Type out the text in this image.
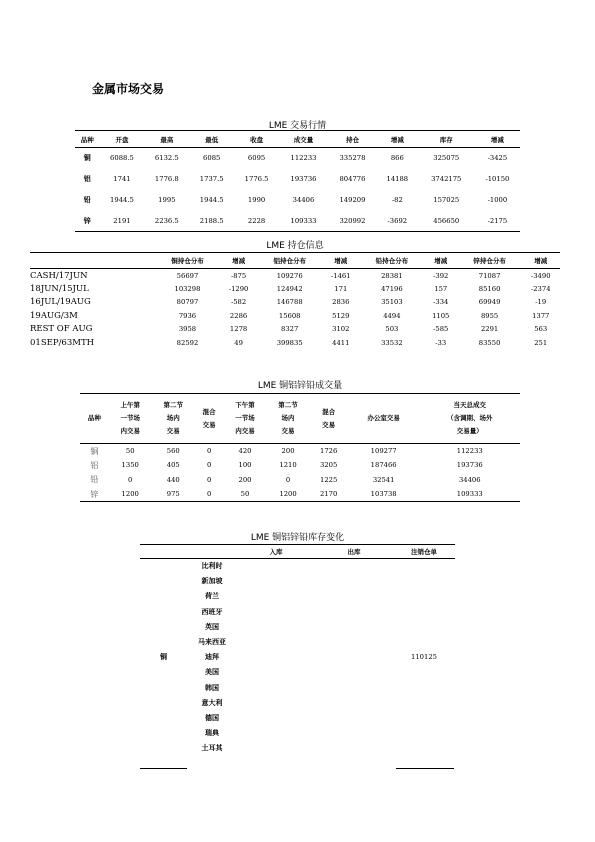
金属市场交易
LME 交易行情
品种	开盘	最高	最低	收盘	成交量	持仓	增减	库存	增减
铜	6088.5	6132.5	6085	6095	112233	335278	866	325075	-3425
铝	1741	1776.8	1737.5	1776.5	193736	804776	14188	3742175	-10150
铅	1944.5	1995	1944.5	1990	34406	149209	-82	157025	-1000
锌	2191	2236.5	2188.5	2228	109333	320992	-3692	456650	-2175
LME 持仓信息
	铜持仓分布	增减	铝持仓分布	增减	铅持仓分布	增减	锌持仓分布	增减
CASH/17JUN	56697	-875	109276	-1461	28381	-392	71087	-3490
18JUN/15JUL	103298	-1290	124942	171	47196	157	85160	-2374
16JUL/19AUG	80797	-582	146788	2836	35103	-334	69949	-19
19AUG/3M	7936	2286	15608	5129	4494	1105	8955	1377
REST OF AUG	3958	1278	8327	3102	503	-585	2291	563
01SEP/63MTH	82592	49	399835	4411	33532	-33	83550	251
LME 铜铝锌铅成交量
品种	上午第
一节场
内交易	第二节
场内
交易	混合
交易	下午第
一节场
内交易	第二节
场内
交易	混合
交易	办公室交易	当天总成交
（含调期、场外
交易量）
铜	50	560	0	420	200	1726	109277	112233
铝	1350	405	0	100	1210	3205	187466	193736
铅	0	440	0	200	0	1225	32541	34406
锌	1200	975	0	50	1200	2170	103738	109333
LME 铜铝锌铅库存变化
		入库	出库	注销仓单
铜	比利时			
	新加坡			
	荷兰			
	西班牙			
	英国			
	马来西亚			
	迪拜			110125
	美国			
	韩国			
	意大利			
	德国			
	瑞典			
	土耳其			
